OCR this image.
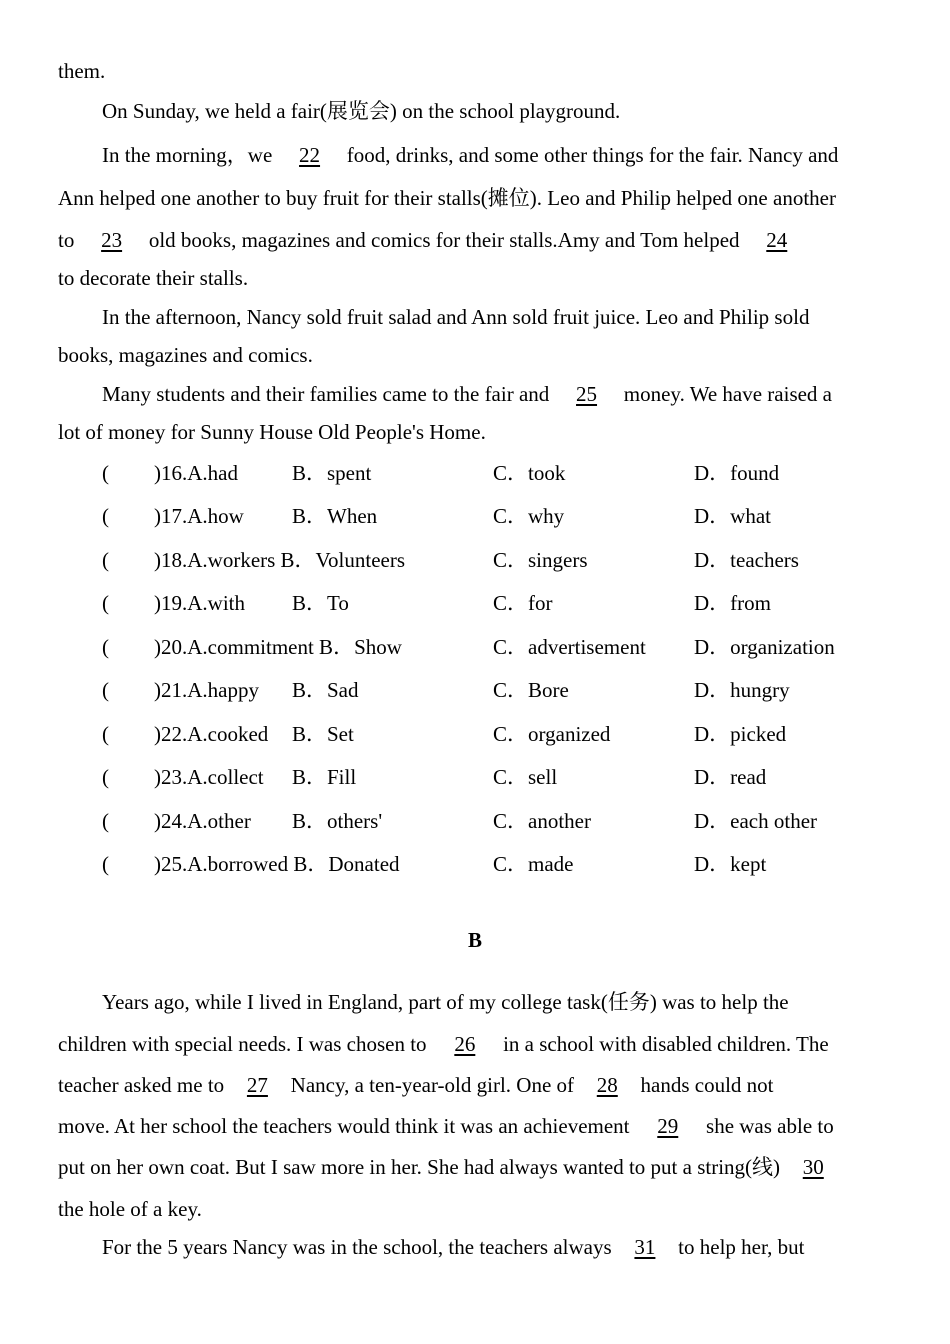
them.
On Sunday, we held a fair(展览会) on the school playground.
In the morning，we 22 food, drinks, and some other things for the fair. Nancy and
Ann helped one another to buy fruit for their stalls(摊位). Leo and Philip helped one another
to 23 old books, magazines and comics for their stalls.Amy and Tom helped 24
to decorate their stalls.
In the afternoon, Nancy sold fruit salad and Ann sold fruit juice. Leo and Philip sold
books, magazines and comics.
Many students and their families came to the fair and 25 money. We have raised a
lot of money for Sunny House Old People's Home.
( )16.A.had	B．spent	C．took	D．found
( )17.A.how B．When	C．why	D．what
( )18.A.workers B．Volunteers	C．singers	D．teachers
( )19.A.with B．To	C．for	D．from
( )20.A.commitment B．Show	C．advertisement D．organization
( )21.A.happy B．Sad	C．Bore	D．hungry
( )22.A.cooked B．Set	C．organized	D．picked
( )23.A.collect B．Fill	C．sell	D．read
( )24.A.other B．others'	C．another	D．each other
( )25.A.borrowed B．Donated	C．made	D．kept
B
Years ago, while I lived in England, part of my college task(任务) was to help the
children with special needs. I was chosen to 26 in a school with disabled children. The
teacher asked me to 27 Nancy, a ten-year-old girl. One of 28 hands could not
move. At her school the teachers would think it was an achievement 29 she was able to
put on her own coat. But I saw more in her. She had always wanted to put a string(线) 30
the hole of a key.
For the 5 years Nancy was in the school, the teachers always 31 to help her, but
